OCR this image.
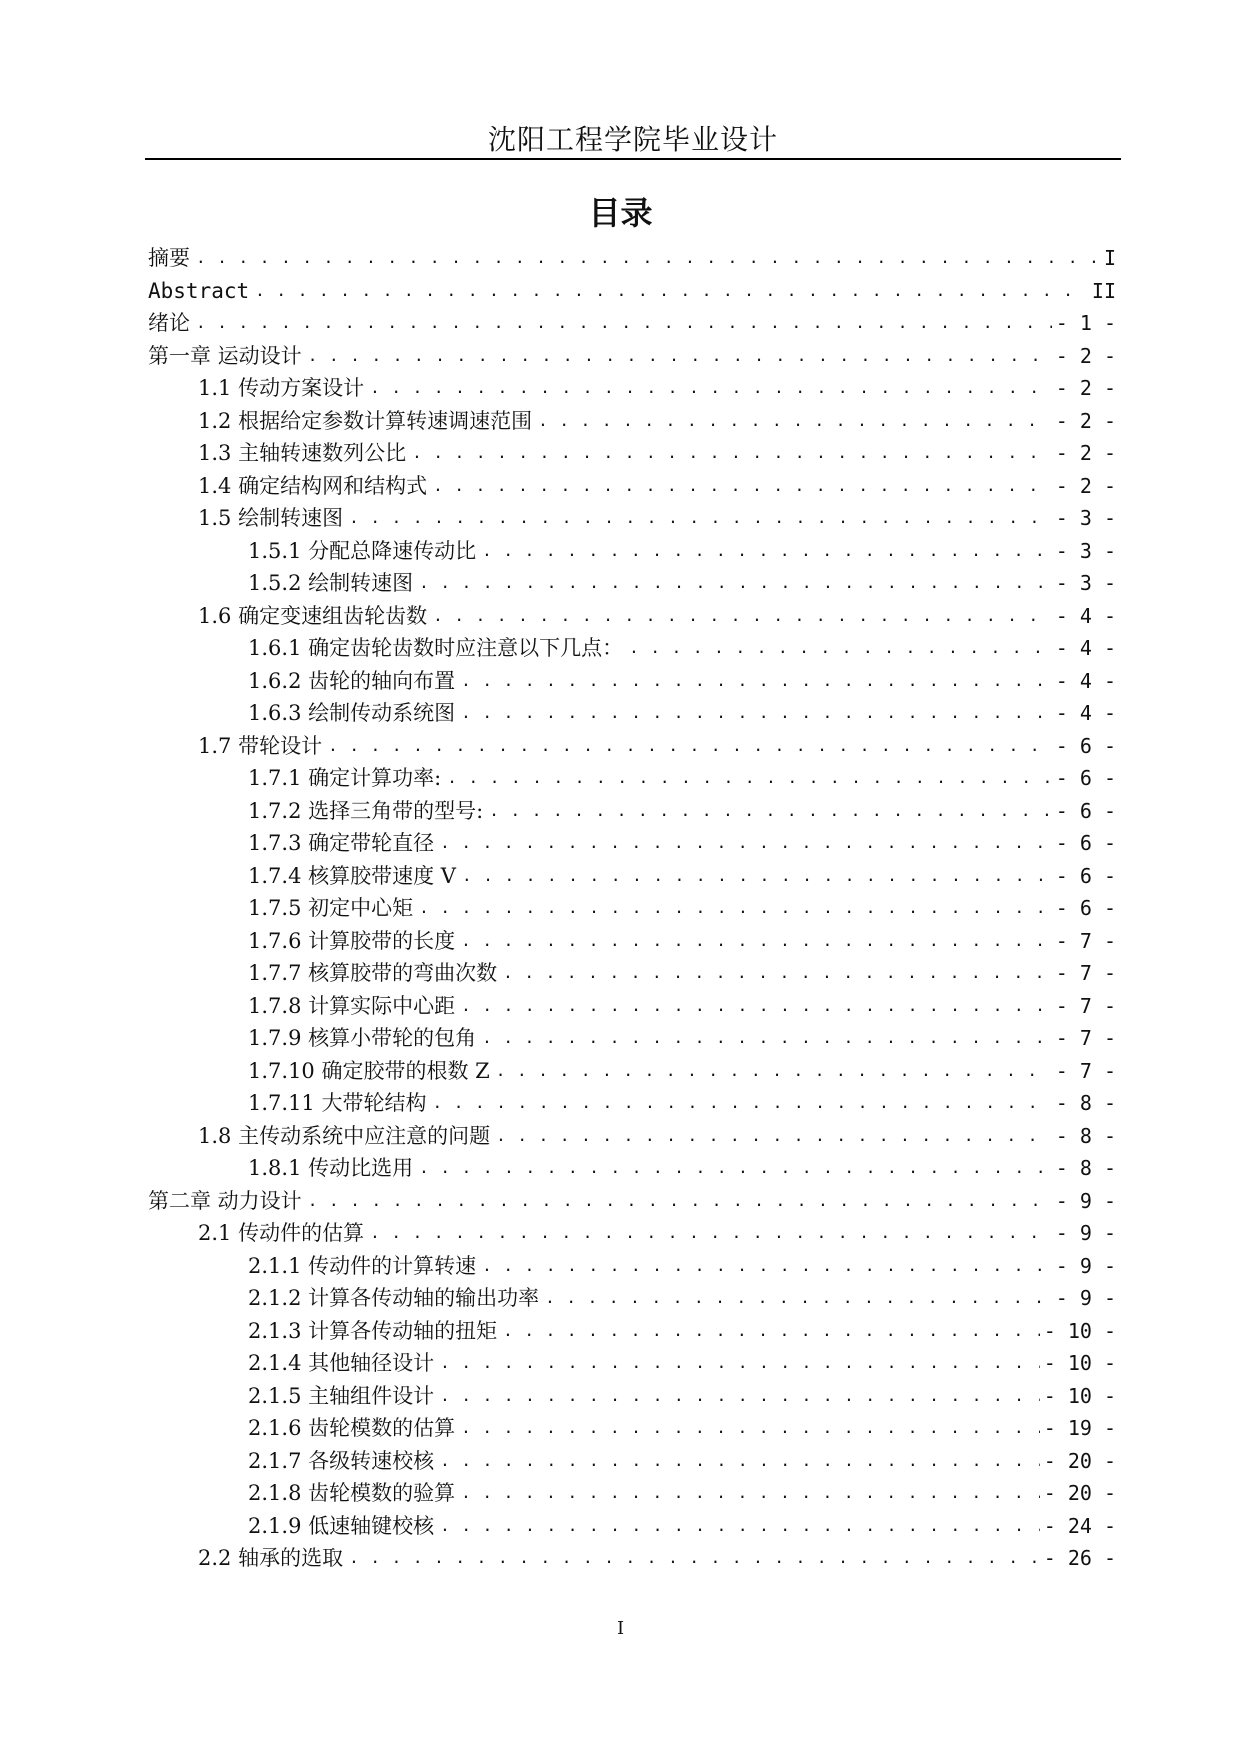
沈阳工程学院毕业设计
目录
摘要 . . .	I
Abstract . . .	II
绪论 . . .	- 1 -
第一章 运动设计 . . .	- 2 -
1.1 传动方案设计 . . .	- 2 -
1.2 根据给定参数计算转速调速范围 . . .	- 2 -
1.3 主轴转速数列公比 . . .	- 2 -
1.4 确定结构网和结构式 . . .	- 2 -
1.5 绘制转速图 . . .	- 3 -
1.5.1 分配总降速传动比 . . .	- 3 -
1.5.2 绘制转速图 . . .	- 3 -
1.6 确定变速组齿轮齿数 . . .	- 4 -
1.6.1 确定齿轮齿数时应注意以下几点： . . .	- 4 -
1.6.2 齿轮的轴向布置 . . .	- 4 -
1.6.3 绘制传动系统图 . . .	- 4 -
1.7 带轮设计 . . .	- 6 -
1.7.1 确定计算功率: . . .	- 6 -
1.7.2 选择三角带的型号: . . .	- 6 -
1.7.3 确定带轮直径 . . .	- 6 -
1.7.4 核算胶带速度 V . . .	- 6 -
1.7.5 初定中心矩 . . .	- 6 -
1.7.6 计算胶带的长度 . . .	- 7 -
1.7.7 核算胶带的弯曲次数 . . .	- 7 -
1.7.8 计算实际中心距 . . .	- 7 -
1.7.9 核算小带轮的包角 . . .	- 7 -
1.7.10 确定胶带的根数 Z . . .	- 7 -
1.7.11 大带轮结构 . . .	- 8 -
1.8 主传动系统中应注意的问题 . . .	- 8 -
1.8.1 传动比选用 . . .	- 8 -
第二章 动力设计 . . .	- 9 -
2.1 传动件的估算 . . .	- 9 -
2.1.1 传动件的计算转速 . . .	- 9 -
2.1.2 计算各传动轴的输出功率 . . .	- 9 -
2.1.3 计算各传动轴的扭矩 . . .	- 10 -
2.1.4 其他轴径设计 . . .	- 10 -
2.1.5 主轴组件设计 . . .	- 10 -
2.1.6 齿轮模数的估算 . . .	- 19 -
2.1.7 各级转速校核 . . .	- 20 -
2.1.8 齿轮模数的验算 . . .	- 20 -
2.1.9 低速轴键校核 . . .	- 24 -
2.2 轴承的选取 . . .	- 26 -
I
